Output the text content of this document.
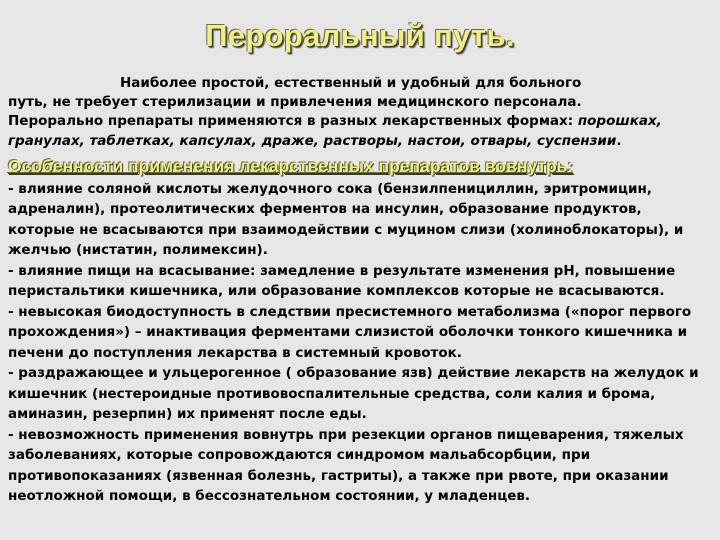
Пероральный путь.

Наиболее простой, естественный и удобный для больного

путь, не требует стерилизации и привлечения медицинского персонала.

Перорально препараты применяются в разных лекарственных формах: порошках, гранулах, таблетках, капсулах, драже, растворы, настои, отвары, суспензии.

Особенности применения лекарственных препаратов вовнутрь:

- влияние соляной кислоты желудочного сока (бензилпенициллин, эритромицин, адреналин), протеолитических ферментов на инсулин, образование продуктов, которые не всасываются при взаимодействии с муцином слизи (холиноблокаторы), и желчью (нистатин, полимексин).

- влияние пищи на всасывание: замедление в результате изменения рН, повышение перистальтики кишечника, или образование комплексов которые не всасываются.

- невысокая биодоступность в следствии пресистемного метаболизма («порог первого прохождения») – инактивация ферментами слизистой оболочки тонкого кишечника и печени до поступления лекарства в системный кровоток.

- раздражающее и ульцерогенное ( образование язв) действие лекарств на желудок и кишечник (нестероидные противовоспалительные средства, соли калия и брома, аминазин, резерпин) их применят после еды.

- невозможность применения вовнутрь при резекции органов пищеварения, тяжелых заболеваниях, которые сопровождаются синдромом мальабсорбции, при противопоказаниях (язвенная болезнь, гастриты), а также при рвоте, при оказании неотложной помощи, в бессознательном состоянии, у младенцев.
